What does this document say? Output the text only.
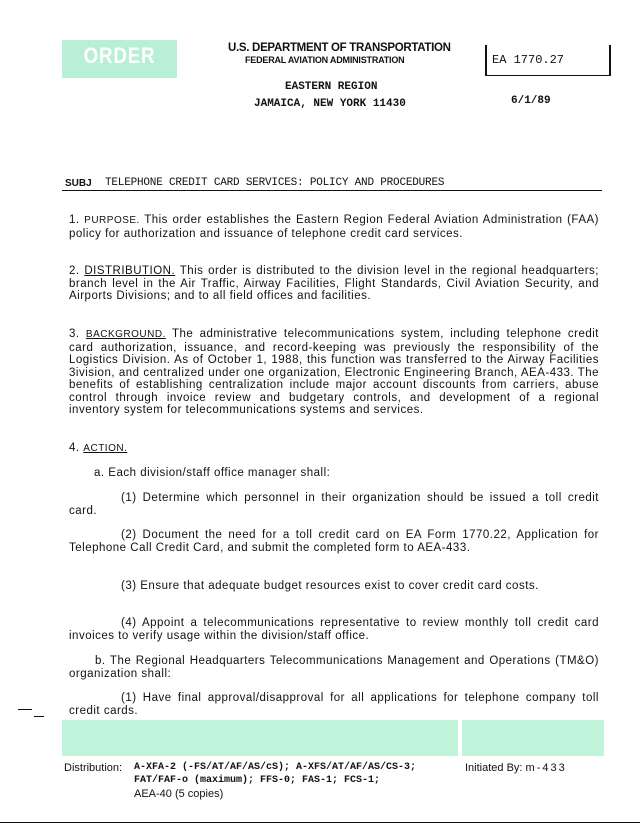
ORDER	U.S. DEPARTMENT OF TRANSPORTATION
FEDERAL AVIATION ADMINISTRATION	EA 1770.27
EASTERN REGION
JAMAICA, NEW YORK 11430	6/1/89
SUBJ TELEPHONE CREDIT CARD SERVICES: POLICY AND PROCEDURES

1. PURPOSE. This order establishes the Eastern Region Federal Aviation Administration (FAA) policy for authorization and issuance of telephone credit card services.

2. DISTRIBUTION. This order is distributed to the division level in the regional headquarters; branch level in the Air Traffic, Airway Facilities, Flight Standards, Civil Aviation Security, and Airports Divisions; and to all field offices and facilities.

3. BACKGROUND. The administrative telecommunications system, including telephone credit card authorization, issuance, and record-keeping was previously the responsibility of the Logistics Division. As of October 1, 1988, this function was transferred to the Airway Facilities 3ivision, and centralized under one organization, Electronic Engineering Branch, AEA-433. The benefits of establishing centralization include major account discounts from carriers, abuse control through invoice review and budgetary controls, and development of a regional inventory system for telecommunications systems and services.

4. ACTION.

a. Each division/staff office manager shall:

(1) Determine which personnel in their organization should be issued a toll credit card.

(2) Document the need for a toll credit card on EA Form 1770.22, Application for Telephone Call Credit Card, and submit the completed form to AEA-433.

(3) Ensure that adequate budget resources exist to cover credit card costs.

(4) Appoint a telecommunications representative to review monthly toll credit card invoices to verify usage within the division/staff office.

b. The Regional Headquarters Telecommunications Management and Operations (TM&O) organization shall:

(1) Have final approval/disapproval for all applications for telephone company toll credit cards.

Distribution: A-XFA-2 (-FS/AT/AF/AS/cS); A-XFS/AT/AF/AS/CS-3;
FAT/FAF-o (maximum); FFS-0; FAS-1; FCS-1;
AEA-40 (5 copies)
Initiated By: m-433
